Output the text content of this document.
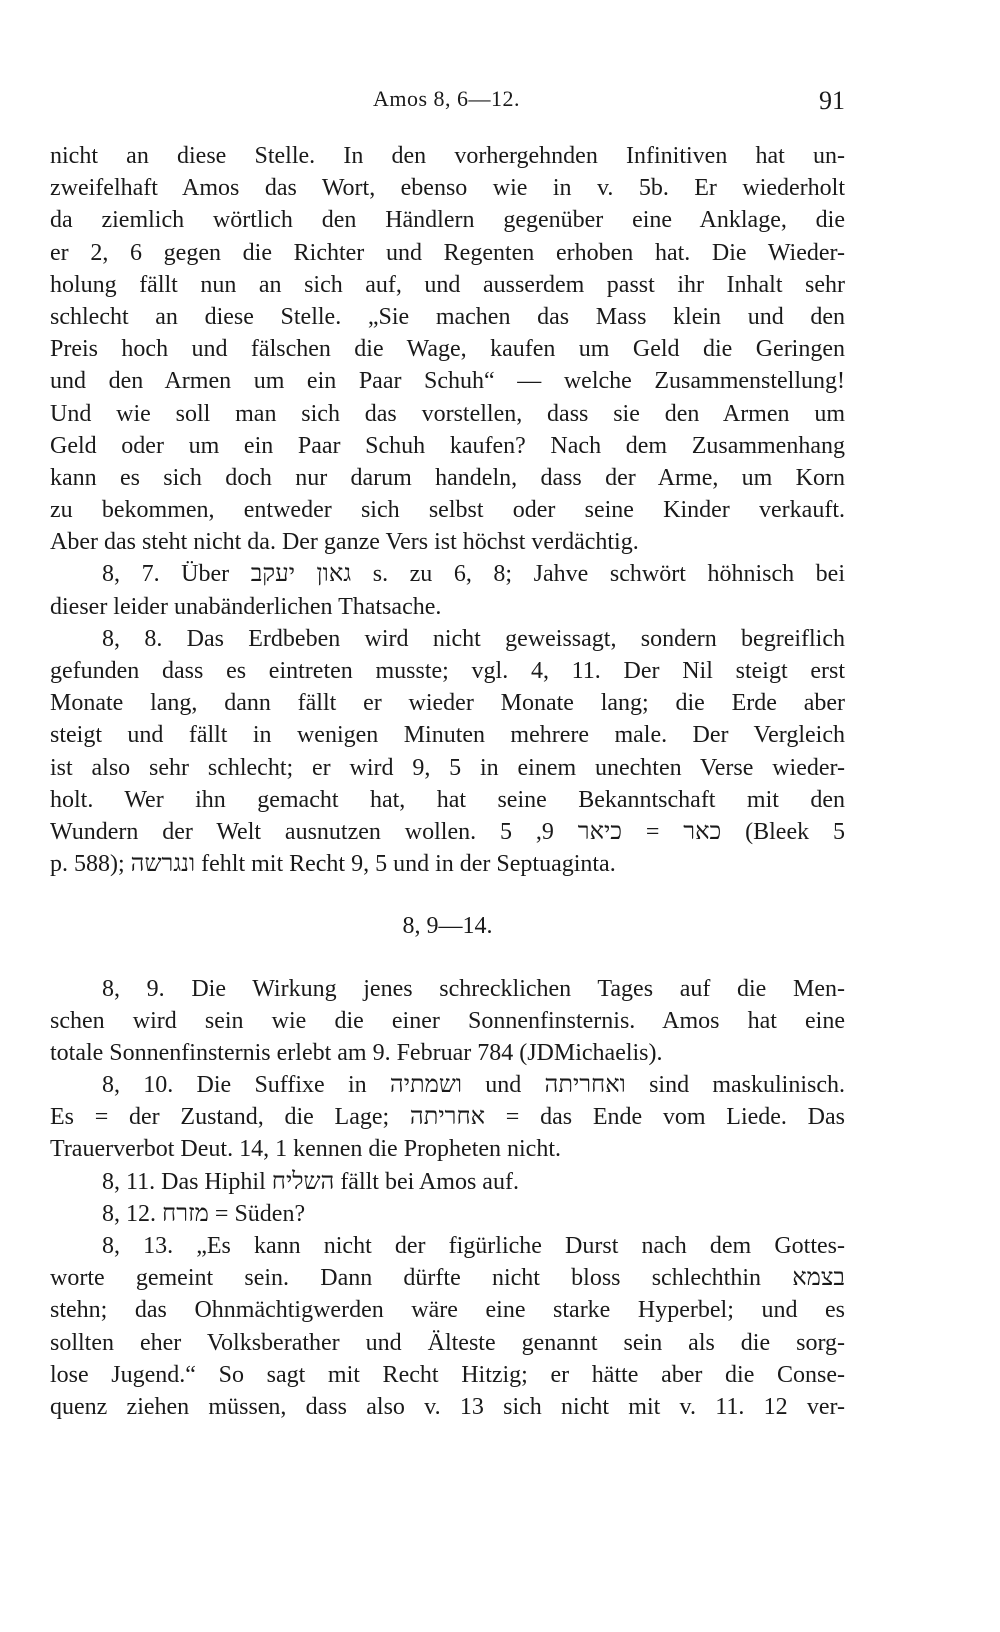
Amos 8, 6—12.	91
nicht an diese Stelle. In den vorhergehnden Infinitiven hat un-
zweifelhaft Amos das Wort, ebenso wie in v. 5b. Er wiederholt
da ziemlich wörtlich den Händlern gegenüber eine Anklage, die
er 2, 6 gegen die Richter und Regenten erhoben hat. Die Wieder-
holung fällt nun an sich auf, und ausserdem passt ihr Inhalt sehr
schlecht an diese Stelle. „Sie machen das Mass klein und den
Preis hoch und fälschen die Wage, kaufen um Geld die Geringen
und den Armen um ein Paar Schuh“ — welche Zusammenstellung!
Und wie soll man sich das vorstellen, dass sie den Armen um
Geld oder um ein Paar Schuh kaufen? Nach dem Zusammenhang
kann es sich doch nur darum handeln, dass der Arme, um Korn
zu bekommen, entweder sich selbst oder seine Kinder verkauft.
Aber das steht nicht da. Der ganze Vers ist höchst verdächtig.
8, 7. Über גאון יעקב s. zu 6, 8; Jahve schwört höhnisch bei
dieser leider unabänderlichen Thatsache.
8, 8. Das Erdbeben wird nicht geweissagt, sondern begreiflich
gefunden dass es eintreten musste; vgl. 4, 11. Der Nil steigt erst
Monate lang, dann fällt er wieder Monate lang; die Erde aber
steigt und fällt in wenigen Minuten mehrere male. Der Vergleich
ist also sehr schlecht; er wird 9, 5 in einem unechten Verse wieder-
holt. Wer ihn gemacht hat, hat seine Bekanntschaft mit den
Wundern der Welt ausnutzen wollen. כאר = כיאר 9, 5 (Bleek 5
p. 588); ונגרשה fehlt mit Recht 9, 5 und in der Septuaginta.
8, 9—14.
8, 9. Die Wirkung jenes schrecklichen Tages auf die Men-
schen wird sein wie die einer Sonnenfinsternis. Amos hat eine
totale Sonnenfinsternis erlebt am 9. Februar 784 (JDMichaelis).
8, 10. Die Suffixe in ושמתיה und ואחריתה sind maskulinisch.
Es = der Zustand, die Lage; אחריתה = das Ende vom Liede. Das
Trauerverbot Deut. 14, 1 kennen die Propheten nicht.
8, 11. Das Hiphil השליח fällt bei Amos auf.
8, 12. מזרח = Süden?
8, 13. „Es kann nicht der figürliche Durst nach dem Gottes-
worte gemeint sein. Dann dürfte nicht bloss schlechthin בצמא
stehn; das Ohnmächtigwerden wäre eine starke Hyperbel; und es
sollten eher Volksberather und Älteste genannt sein als die sorg-
lose Jugend.“ So sagt mit Recht Hitzig; er hätte aber die Conse-
quenz ziehen müssen, dass also v. 13 sich nicht mit v. 11. 12 ver-
